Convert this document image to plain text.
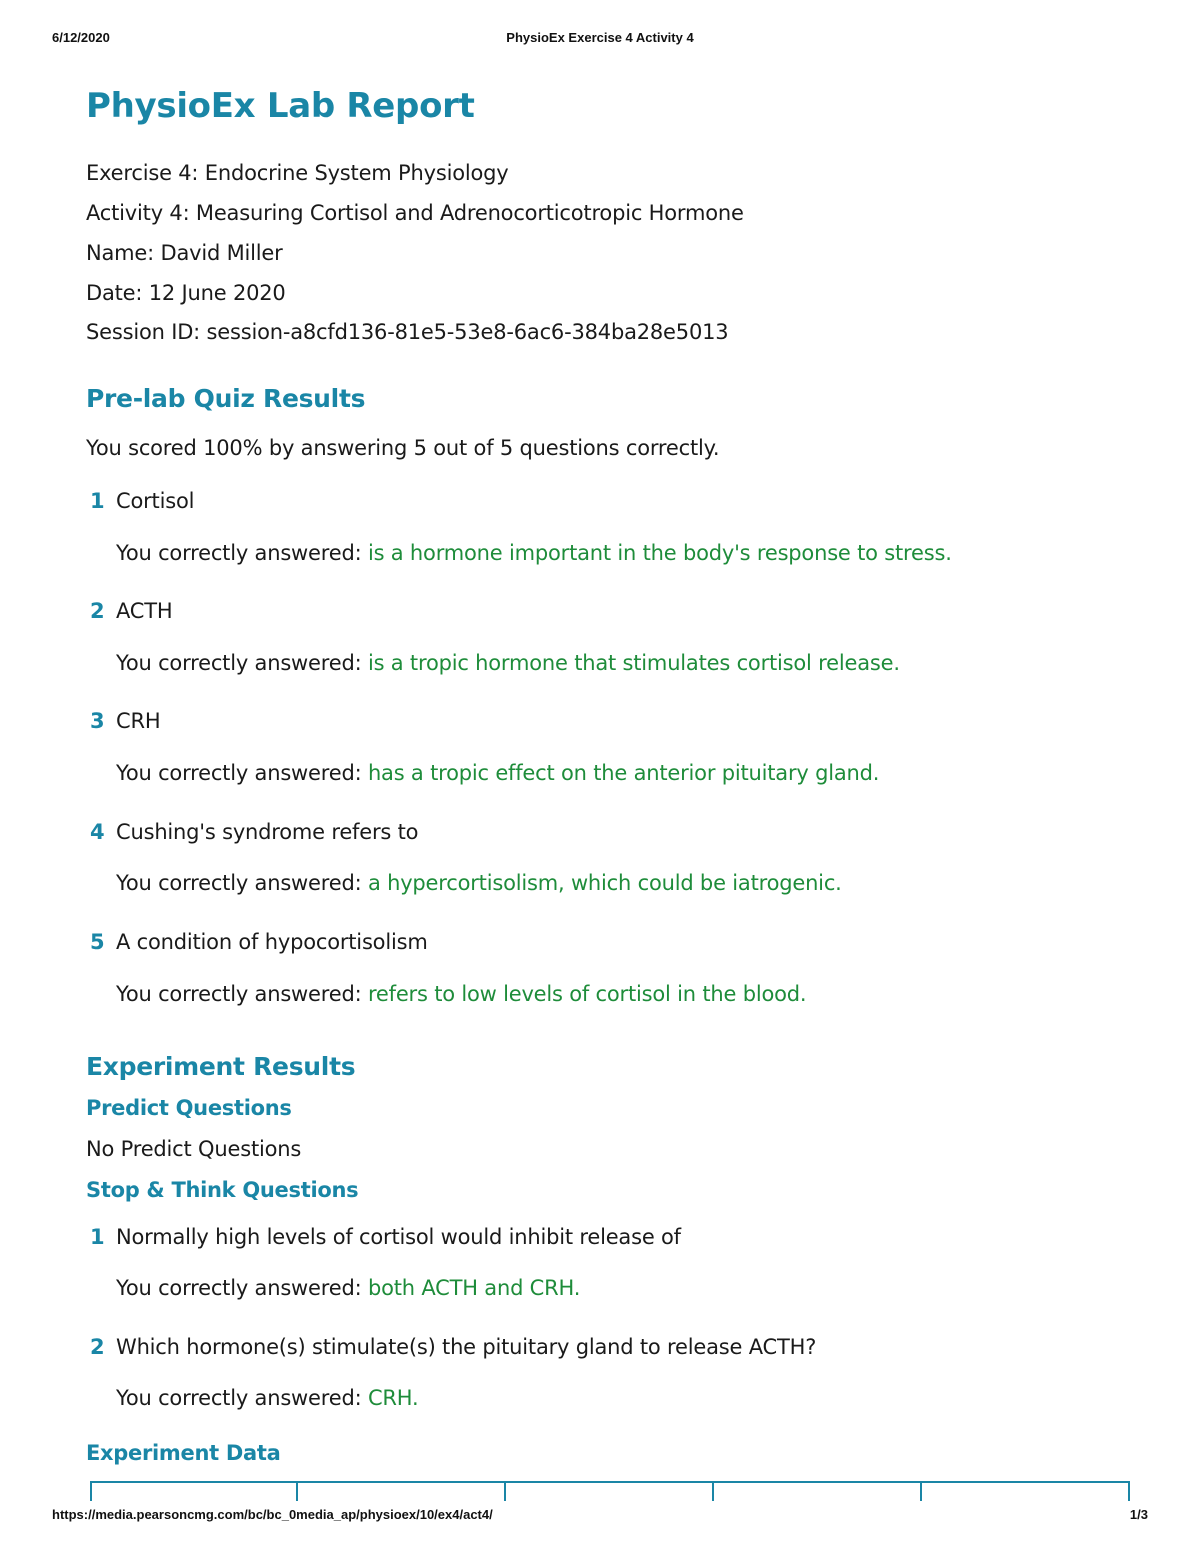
6/12/2020	PhysioEx Exercise 4 Activity 4
PhysioEx Lab Report
Exercise 4: Endocrine System Physiology
Activity 4: Measuring Cortisol and Adrenocorticotropic Hormone
Name: David Miller
Date: 12 June 2020
Session ID: session-a8cfd136-81e5-53e8-6ac6-384ba28e5013
Pre-lab Quiz Results
You scored 100% by answering 5 out of 5 questions correctly.
1 Cortisol
You correctly answered: is a hormone important in the body's response to stress.
2 ACTH
You correctly answered: is a tropic hormone that stimulates cortisol release.
3 CRH
You correctly answered: has a tropic effect on the anterior pituitary gland.
4 Cushing's syndrome refers to
You correctly answered: a hypercortisolism, which could be iatrogenic.
5 A condition of hypocortisolism
You correctly answered: refers to low levels of cortisol in the blood.
Experiment Results
Predict Questions
No Predict Questions
Stop & Think Questions
1 Normally high levels of cortisol would inhibit release of
You correctly answered: both ACTH and CRH.
2 Which hormone(s) stimulate(s) the pituitary gland to release ACTH?
You correctly answered: CRH.
Experiment Data
https://media.pearsoncmg.com/bc/bc_0media_ap/physioex/10/ex4/act4/	1/3
